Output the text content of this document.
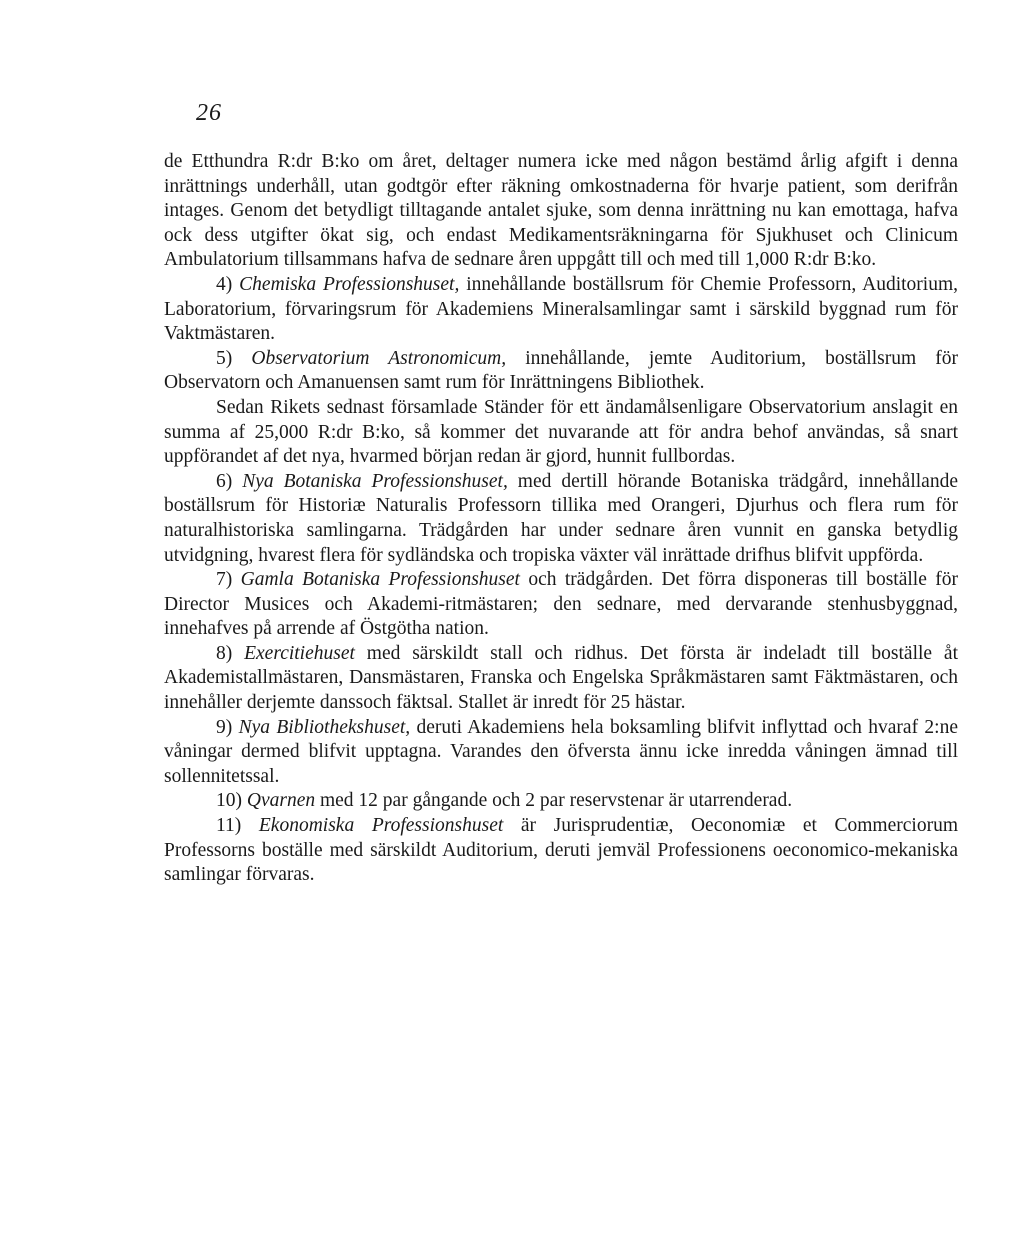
26

de Etthundra R:dr B:ko om året, deltager numera icke med någon bestämd årlig afgift i denna inrättnings underhåll, utan godtgör efter räkning omkostnaderna för hvarje patient, som derifrån intages. Genom det betydligt tilltagande antalet sjuke, som denna inrättning nu kan emottaga, hafva ock dess utgifter ökat sig, och endast Medikamentsräkningarna för Sjukhuset och Clinicum Ambulatorium tillsammans hafva de sednare åren uppgått till och med till 1,000 R:dr B:ko.

4) Chemiska Professionshuset, innehållande boställsrum för Chemie Professorn, Auditorium, Laboratorium, förvaringsrum för Akademiens Mineralsamlingar samt i särskild byggnad rum för Vaktmästaren.

5) Observatorium Astronomicum, innehållande, jemte Auditorium, boställsrum för Observatorn och Amanuensen samt rum för Inrättningens Bibliothek.

Sedan Rikets sednast församlade Ständer för ett ändamålsenligare Observatorium anslagit en summa af 25,000 R:dr B:ko, så kommer det nuvarande att för andra behof användas, så snart uppförandet af det nya, hvarmed början redan är gjord, hunnit fullbordas.

6) Nya Botaniska Professionshuset, med dertill hörande Botaniska trädgård, innehållande boställsrum för Historiæ Naturalis Professorn tillika med Orangeri, Djurhus och flera rum för naturalhistoriska samlingarna. Trädgården har under sednare åren vunnit en ganska betydlig utvidgning, hvarest flera för sydländska och tropiska växter väl inrättade drifhus blifvit uppförda.

7) Gamla Botaniska Professionshuset och trädgården. Det förra disponeras till boställe för Director Musices och Akademi-ritmästaren; den sednare, med dervarande stenhusbyggnad, innehafves på arrende af Östgötha nation.

8) Exercitiehuset med särskildt stall och ridhus. Det första är indeladt till boställe åt Akademistallmästaren, Dansmästaren, Franska och Engelska Språkmästaren samt Fäktmästaren, och innehåller derjemte danssoch fäktsal. Stallet är inredt för 25 hästar.

9) Nya Bibliothekshuset, deruti Akademiens hela boksamling blifvit inflyttad och hvaraf 2:ne våningar dermed blifvit upptagna. Varandes den öfversta ännu icke inredda våningen ämnad till sollennitetssal.

10) Qvarnen med 12 par gångande och 2 par reservstenar är utarrenderad.

11) Ekonomiska Professionshuset är Jurisprudentiæ, Oeconomiæ et Commerciorum Professorns boställe med särskildt Auditorium, deruti jemväl Professionens oeconomico-mekaniska samlingar förvaras.
